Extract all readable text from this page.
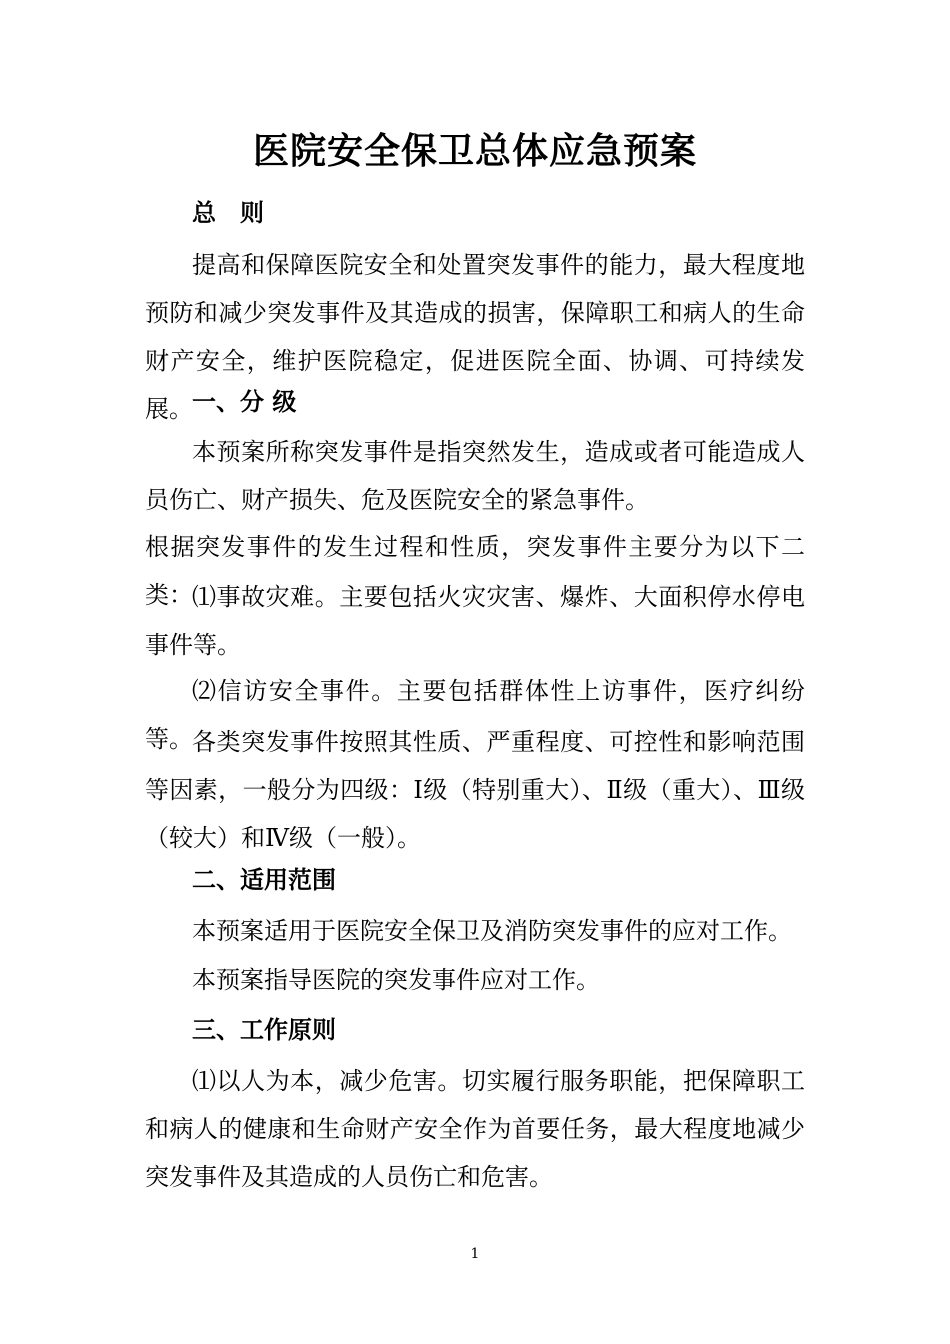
医院安全保卫总体应急预案
总　则
提高和保障医院安全和处置突发事件的能力，最大程度地预防和减少突发事件及其造成的损害，保障职工和病人的生命财产安全，维护医院稳定，促进医院全面、协调、可持续发展。 一、分 级
本预案所称突发事件是指突然发生，造成或者可能造成人员伤亡、财产损失、危及医院安全的紧急事件。
根据突发事件的发生过程和性质，突发事件主要分为以下二类： ⑴事故灾难。主要包括火灾灾害、爆炸、大面积停水停电事件等。
⑵信访安全事件。主要包括群体性上访事件，医疗纠纷等。 各类突发事件按照其性质、严重程度、可控性和影响范围等因素，一般分为四级：Ⅰ级（特别重大）、Ⅱ级（重大）、Ⅲ级（较大）和Ⅳ级（一般）。
二、适用范围
本预案适用于医院安全保卫及消防突发事件的应对工作。
本预案指导医院的突发事件应对工作。
三、工作原则
⑴以人为本，减少危害。切实履行服务职能，把保障职工和病人的健康和生命财产安全作为首要任务，最大程度地减少突发事件及其造成的人员伤亡和危害。
1
